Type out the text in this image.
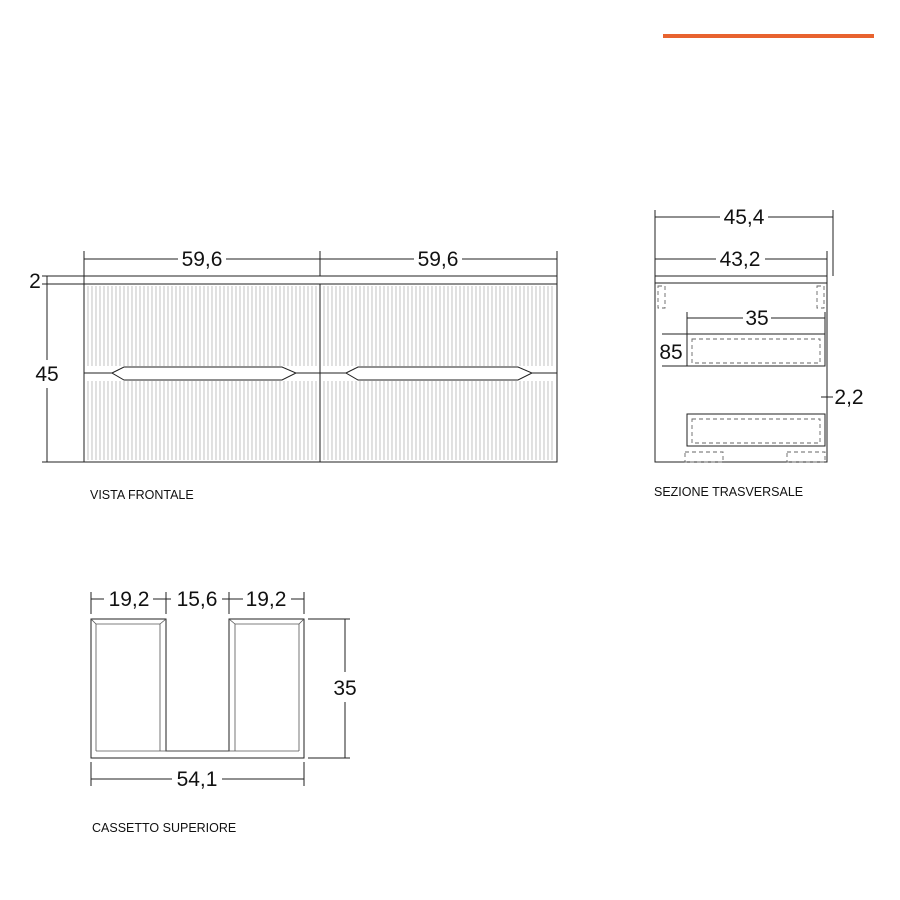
59,6	59,6
2
45
VISTA FRONTALE
45,4
43,2
35
85
2,2
SEZIONE TRASVERSALE
19,2 15,6 19,2
35
54,1
CASSETTO SUPERIORE
